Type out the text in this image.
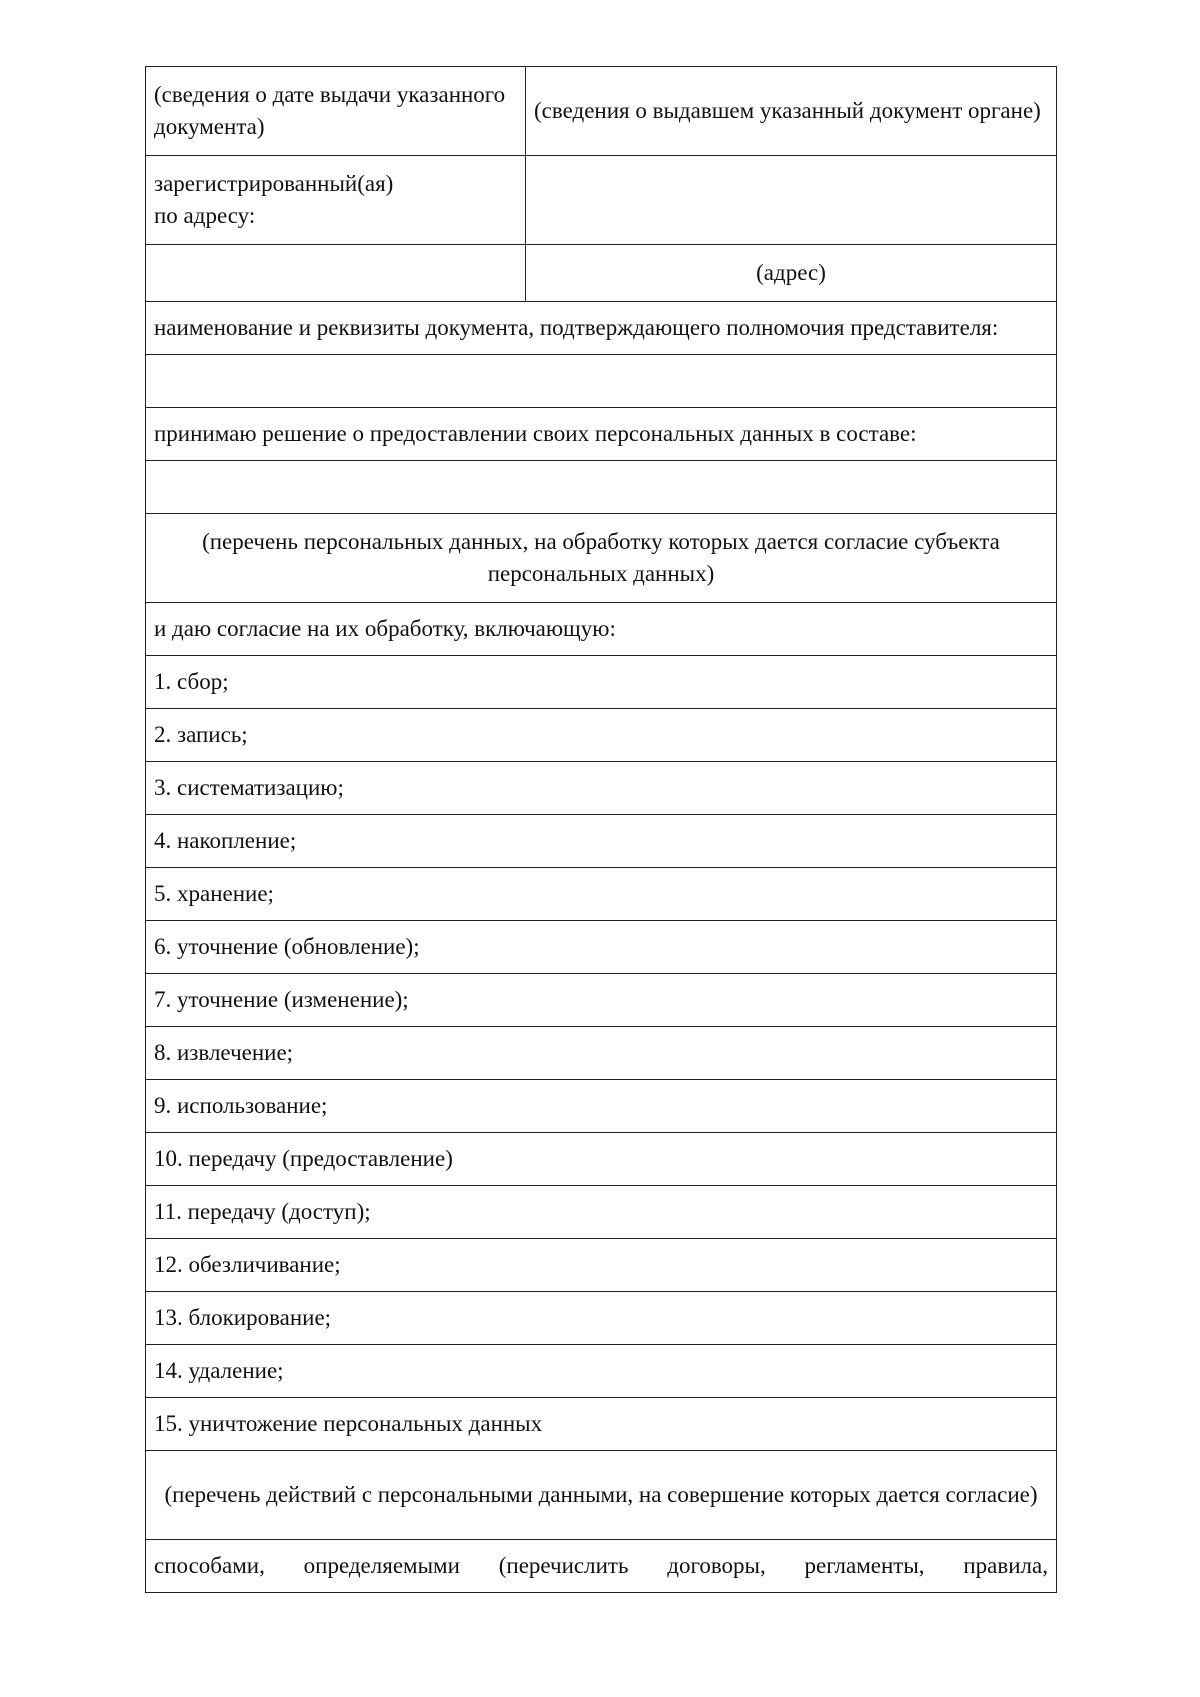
(сведения о дате выдачи указанного документа)	(сведения о выдавшем указанный документ органе)

зарегистрированный(ая)
по адресу:	

	(адрес)
наименование и реквизиты документа, подтверждающего полномочия представителя:	

принимаю решение о предоставлении своих персональных данных в составе:	

(перечень персональных данных, на обработку которых дается согласие субъекта персональных данных)	
и даю согласие на их обработку, включающую:	
1. сбор;	
2. запись;	
3. систематизацию;	
4. накопление;	
5. хранение;	
6. уточнение (обновление);	
7. уточнение (изменение);	
8. извлечение;	
9. использование;	
10. передачу (предоставление)	
11. передачу (доступ);	
12. обезличивание;	
13. блокирование;	
14. удаление;	
15. уничтожение персональных данных	
(перечень действий с персональными данными, на совершение которых дается согласие)	
способами, определяемыми (перечислить договоры, регламенты, правила,	
